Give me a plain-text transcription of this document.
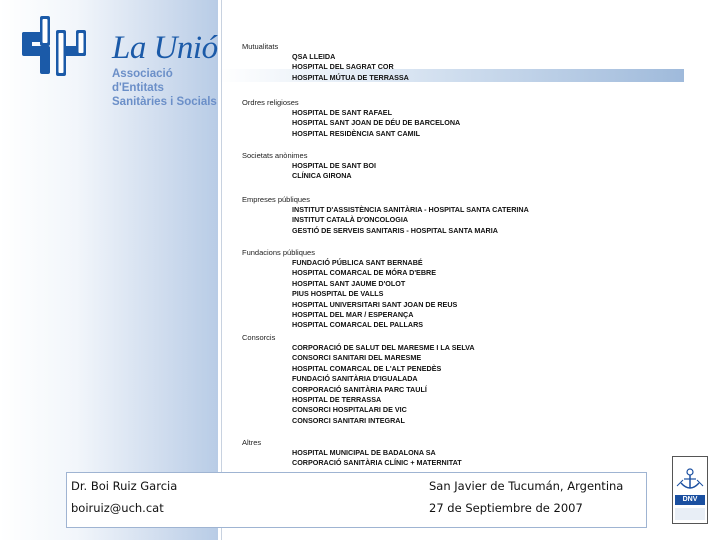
La Unió
Associació d'Entitats
Sanitàries i Socials
Mutualitats
QSA LLEIDA
HOSPITAL DEL SAGRAT COR
HOSPITAL MÚTUA DE TERRASSA
Ordres religioses
HOSPITAL DE SANT RAFAEL
HOSPITAL SANT JOAN DE DÉU DE BARCELONA
HOSPITAL RESIDÈNCIA SANT CAMIL
Societats anònimes
HOSPITAL DE SANT BOI
CLÍNICA GIRONA
Empreses públiques
INSTITUT D'ASSISTÈNCIA SANITÀRIA - HOSPITAL SANTA CATERINA
INSTITUT CATALÀ D'ONCOLOGIA
GESTIÓ DE SERVEIS SANITARIS - HOSPITAL SANTA MARIA
Fundacions públiques
FUNDACIÓ PÚBLICA SANT BERNABÉ
HOSPITAL COMARCAL DE MÓRA D'EBRE
HOSPITAL SANT JAUME D'OLOT
PIUS HOSPITAL DE VALLS
HOSPITAL UNIVERSITARI SANT JOAN DE REUS
HOSPITAL DEL MAR / ESPERANÇA
HOSPITAL COMARCAL DEL PALLARS
Consorcis
CORPORACIÓ DE SALUT DEL MARESME I LA SELVA
CONSORCI SANITARI DEL MARESME
HOSPITAL COMARCAL DE L'ALT PENEDÈS
FUNDACIÓ SANITÀRIA D'IGUALADA
CORPORACIÓ SANITÀRIA PARC TAULÍ
HOSPITAL DE TERRASSA
CONSORCI HOSPITALARI DE VIC
CONSORCI SANITARI INTEGRAL
Altres
HOSPITAL MUNICIPAL DE BADALONA SA
CORPORACIÓ SANITÀRIA CLÍNIC + MATERNITAT
Dr. Boi Ruiz Garcia
boiruiz@uch.cat
San Javier de Tucumán, Argentina
27 de Septiembre de 2007
DNV
